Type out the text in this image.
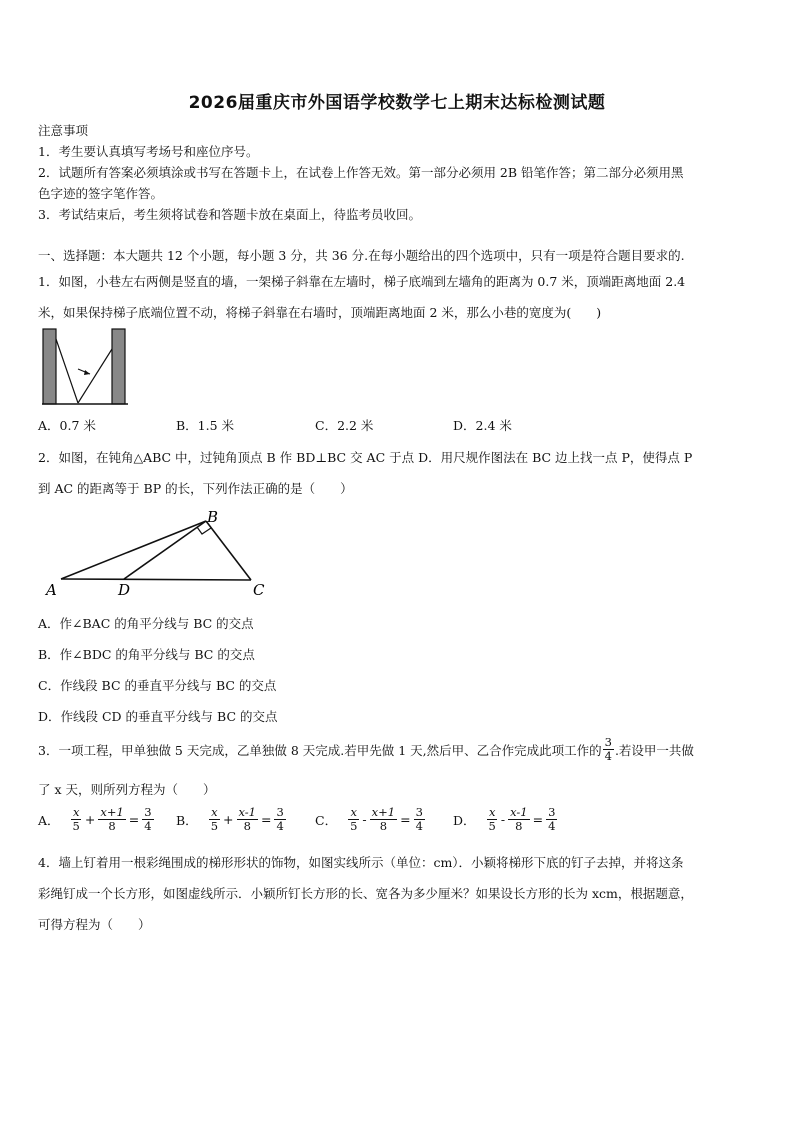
2026届重庆市外国语学校数学七上期末达标检测试题
注意事项
1．考生要认真填写考场号和座位序号。
2．试题所有答案必须填涂或书写在答题卡上，在试卷上作答无效。第一部分必须用 2B 铅笔作答；第二部分必须用黑
色字迹的签字笔作答。
3．考试结束后，考生须将试卷和答题卡放在桌面上，待监考员收回。
一、选择题：本大题共 12 个小题，每小题 3 分，共 36 分.在每小题给出的四个选项中，只有一项是符合题目要求的.
1．如图，小巷左右两侧是竖直的墙，一架梯子斜靠在左墙时，梯子底端到左墙角的距离为 0.7 米，顶端距离地面 2.4
米，如果保持梯子底端位置不动，将梯子斜靠在右墙时，顶端距离地面 2 米，那么小巷的宽度为(　　)
A．0.7 米	B．1.5 米	C．2.2 米	D．2.4 米
2．如图，在钝角△ABC 中，过钝角顶点 B 作 BD⊥BC 交 AC 于点 D．用尺规作图法在 BC 边上找一点 P，使得点 P
到 AC 的距离等于 BP 的长，下列作法正确的是（　　）
A	D
B
C
A．作∠BAC 的角平分线与 BC 的交点
B．作∠BDC 的角平分线与 BC 的交点
C．作线段 BC 的垂直平分线与 BC 的交点
D．作线段 CD 的垂直平分线与 BC 的交点
3．一项工程，甲单独做 5 天完成，乙单独做 8 天完成.若甲先做 1 天,然后甲、乙合作完成此项工作的 $\frac{3}{4}$ .若设甲一共做
了 x 天，则所列方程为（　　）
A． $\frac{x}{5} + \frac{x+1}{8} = \frac{3}{4}$ B． $\frac{x}{5} + \frac{x-1}{8} = \frac{3}{4}$ C． $\frac{x}{5} - \frac{x+1}{8} = \frac{3}{4}$ D． $\frac{x}{5} - \frac{x-1}{8} = \frac{3}{4}$
4．墙上钉着用一根彩绳围成的梯形形状的饰物，如图实线所示（单位：cm）．小颖将梯形下底的钉子去掉，并将这条
彩绳钉成一个长方形，如图虚线所示．小颖所钉长方形的长、宽各为多少厘米？如果设长方形的长为 xcm，根据题意，
可得方程为（　　）
